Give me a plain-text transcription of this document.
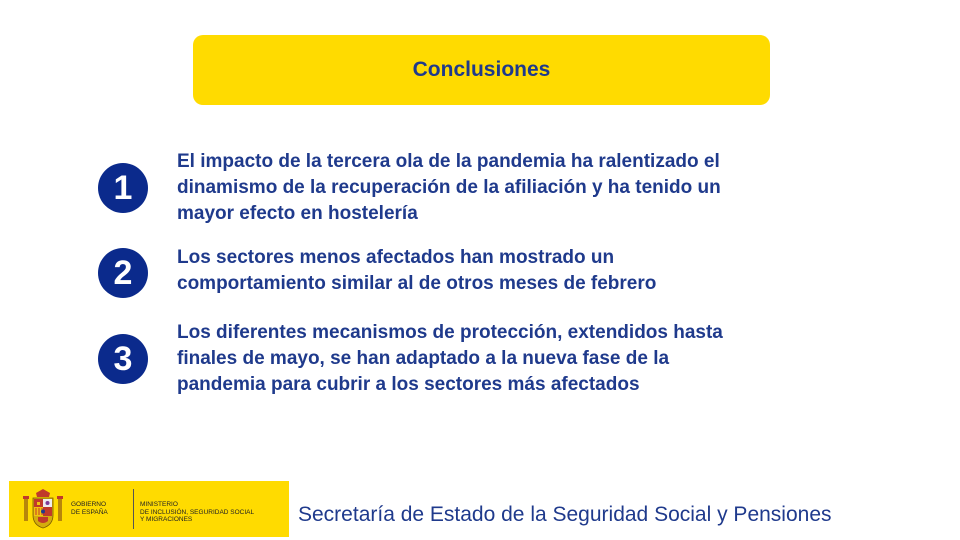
Conclusiones
1
El impacto de la tercera ola de la pandemia ha ralentizado el
dinamismo de la recuperación de la afiliación y ha tenido un
mayor efecto en hostelería
2	Los sectores menos afectados han mostrado un
comportamiento similar al de otros meses de febrero
3
Los diferentes mecanismos de protección, extendidos hasta
finales de mayo, se han adaptado a la nueva fase de la
pandemia para cubrir a los sectores más afectados
GOBIERNO
DE ESPAÑA
MINISTERIO
DE INCLUSIÓN, SEGURIDAD SOCIAL
Y MIGRACIONES	Secretaría de Estado de la Seguridad Social y Pensiones
